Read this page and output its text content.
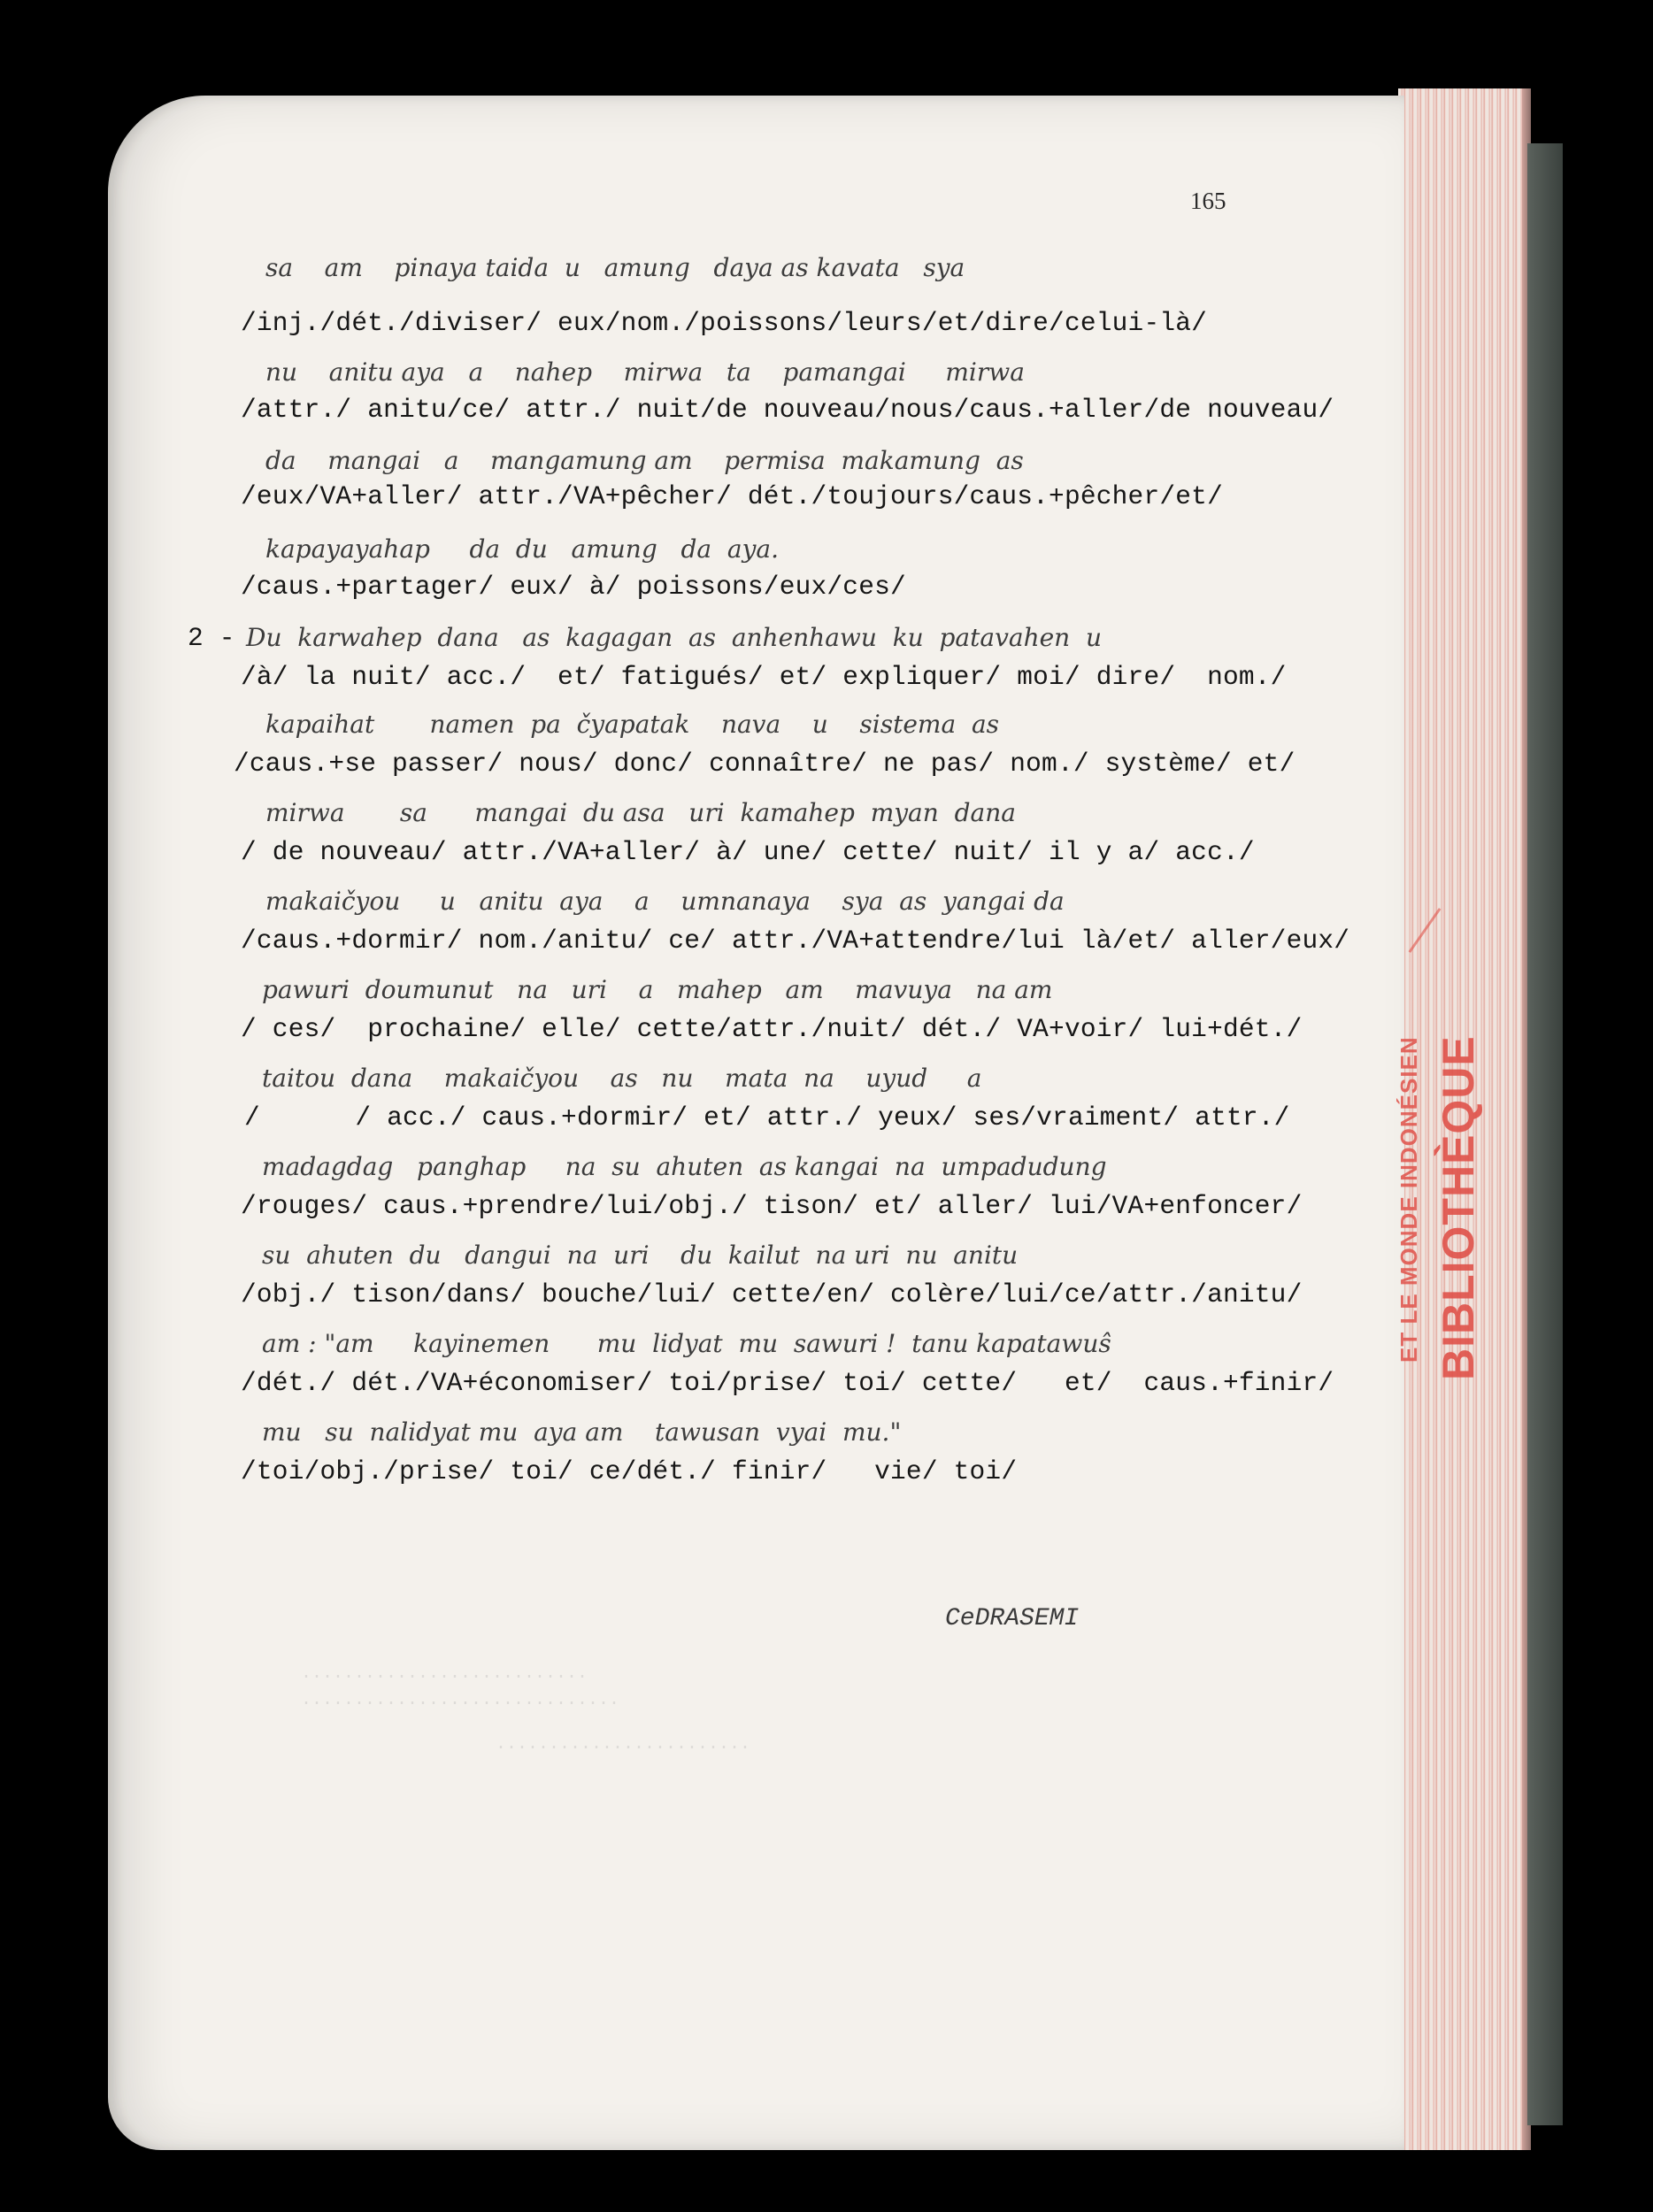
...........................
..............................
........................
165
sa    am    pinaya taida  u   amung   daya as kavata   sya
/inj./dét./diviser/ eux/nom./poissons/leurs/et/dire/celui-là/
nu    anitu aya   a    nahep    mirwa   ta    pamangai     mirwa
/attr./ anitu/ce/ attr./ nuit/de nouveau/nous/caus.+aller/de nouveau/
da    mangai   a    mangamung am    permisa  makamung  as
/eux/VA+aller/ attr./VA+pêcher/ dét./toujours/caus.+pêcher/et/
kapayayahap     da  du   amung   da  aya.
/caus.+partager/ eux/ à/ poissons/eux/ces/
2 - Du  karwahep  dana   as  kagagan  as  anhenhawu  ku  patavahen  u
/à/ la nuit/ acc./  et/ fatigués/ et/ expliquer/ moi/ dire/  nom./
kapaihat       namen  pa  čyapatak    nava    u    sistema  as
/caus.+se passer/ nous/ donc/ connaître/ ne pas/ nom./ système/ et/
mirwa       sa      mangai  du asa   uri  kamahep  myan  dana
/ de nouveau/ attr./VA+aller/ à/ une/ cette/ nuit/ il y a/ acc./
makaičyou     u   anitu  aya    a    umnanaya    sya  as  yangai da
/caus.+dormir/ nom./anitu/ ce/ attr./VA+attendre/lui là/et/ aller/eux/
pawuri  doumunut   na   uri    a   mahep   am    mavuya   na am
/ ces/  prochaine/ elle/ cette/attr./nuit/ dét./ VA+voir/ lui+dét./
taitou  dana    makaičyou    as   nu    mata  na    uyud     a
/      / acc./ caus.+dormir/ et/ attr./ yeux/ ses/vraiment/ attr./
madagdag   panghap     na  su  ahuten  as kangai  na  umpadudung
/rouges/ caus.+prendre/lui/obj./ tison/ et/ aller/ lui/VA+enfoncer/
su  ahuten  du   dangui  na  uri    du  kailut  na uri  nu  anitu
/obj./ tison/dans/ bouche/lui/ cette/en/ colère/lui/ce/attr./anitu/
am : "am     kayinemen      mu  lidyat  mu  sawuri !  tanu kapatawuŝ
/dét./ dét./VA+économiser/ toi/prise/ toi/ cette/   et/  caus.+finir/
mu   su  nalidyat mu  aya am    tawusan  vyai  mu."
/toi/obj./prise/ toi/ ce/dét./ finir/   vie/ toi/
CeDRASEMI
ET LE MONDE INDONÉSIEN BIBLIOTHÈQUE
